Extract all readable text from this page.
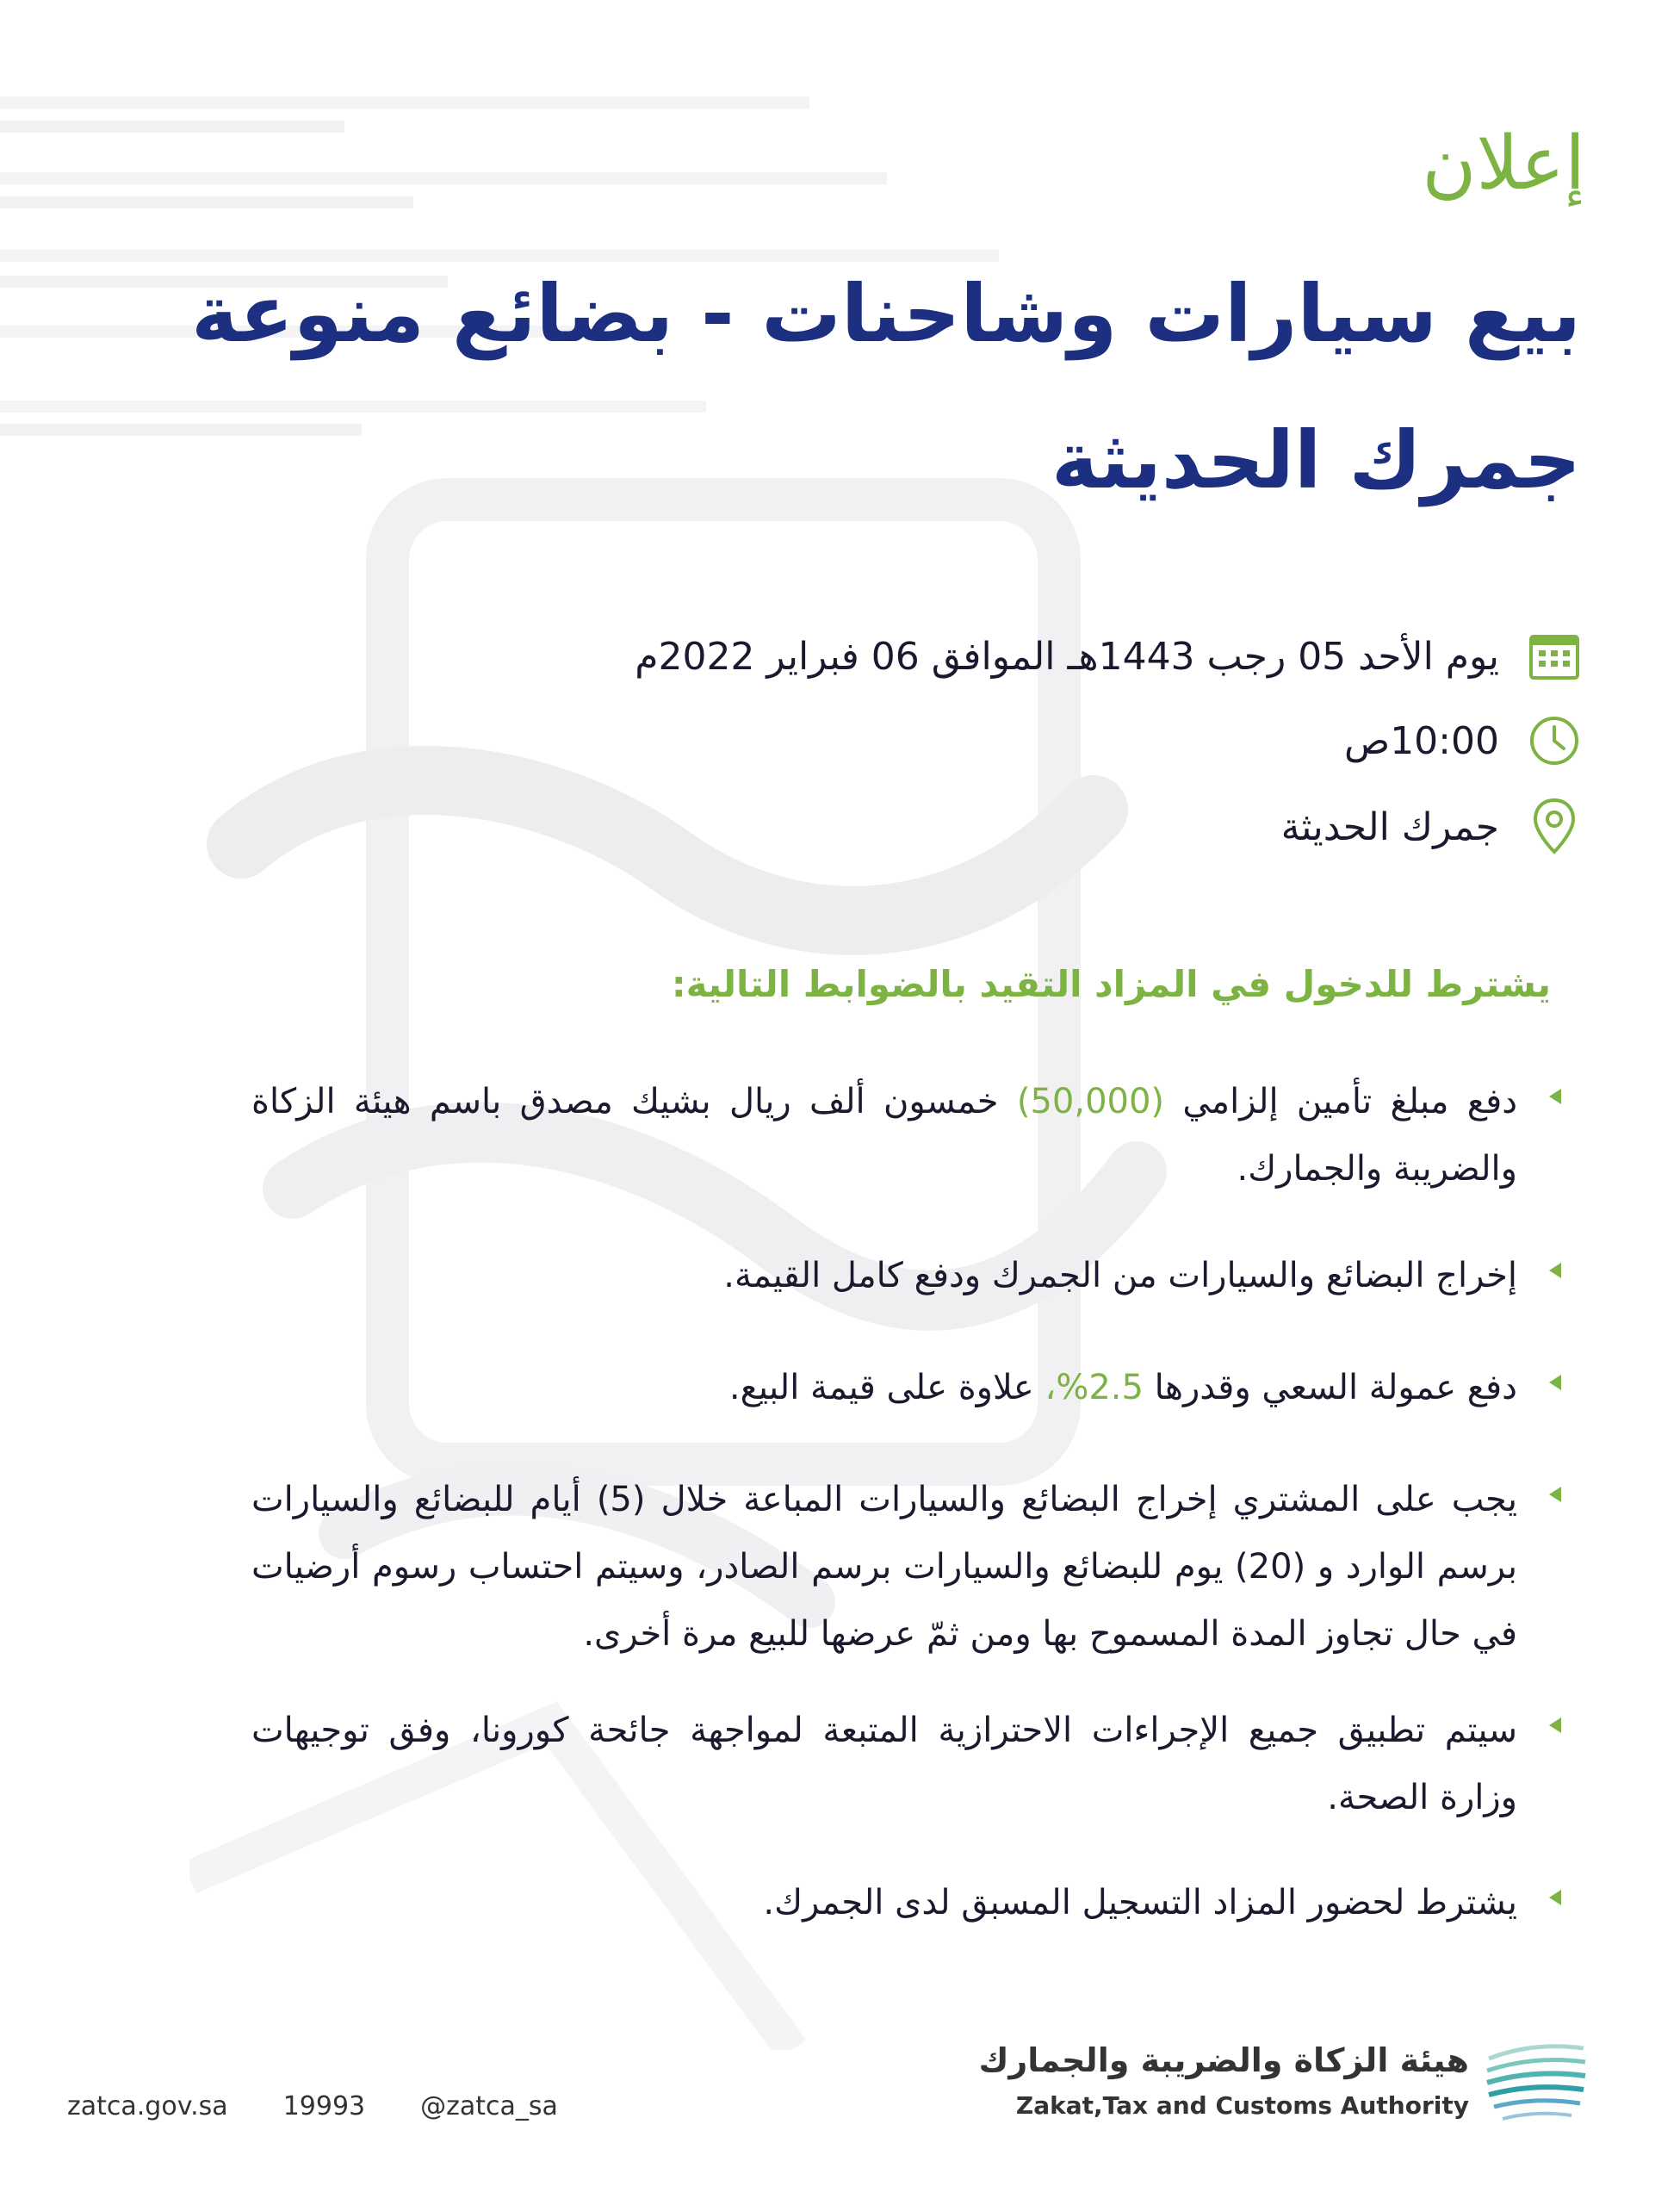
إعلان
بيع سيارات وشاحنات - بضائع منوعة
جمرك الحديثة
يوم الأحد 05 رجب 1443هـ الموافق 06 فبراير 2022م
10:00ص
جمرك الحديثة
يشترط للدخول في المزاد التقيد بالضوابط التالية:
دفع مبلغ تأمين إلزامي (50,000) خمسون ألف ريال بشيك مصدق باسم هيئة الزكاة والضريبة والجمارك.
إخراج البضائع والسيارات من الجمرك ودفع كامل القيمة.
دفع عمولة السعي وقدرها 2.5%، علاوة على قيمة البيع.
يجب على المشتري إخراج البضائع والسيارات المباعة خلال (5) أيام للبضائع والسيارات برسم الوارد و (20) يوم للبضائع والسيارات برسم الصادر، وسيتم احتساب رسوم أرضيات في حال تجاوز المدة المسموح بها ومن ثمّ عرضها للبيع مرة أخرى.
سيتم تطبيق جميع الإجراءات الاحترازية المتبعة لمواجهة جائحة كورونا، وفق توجيهات وزارة الصحة.
يشترط لحضور المزاد التسجيل المسبق لدى الجمرك.
zatca.gov.sa 19993 @zatca_sa
هيئة الزكاة والضريبة والجمارك
Zakat,Tax and Customs Authority
